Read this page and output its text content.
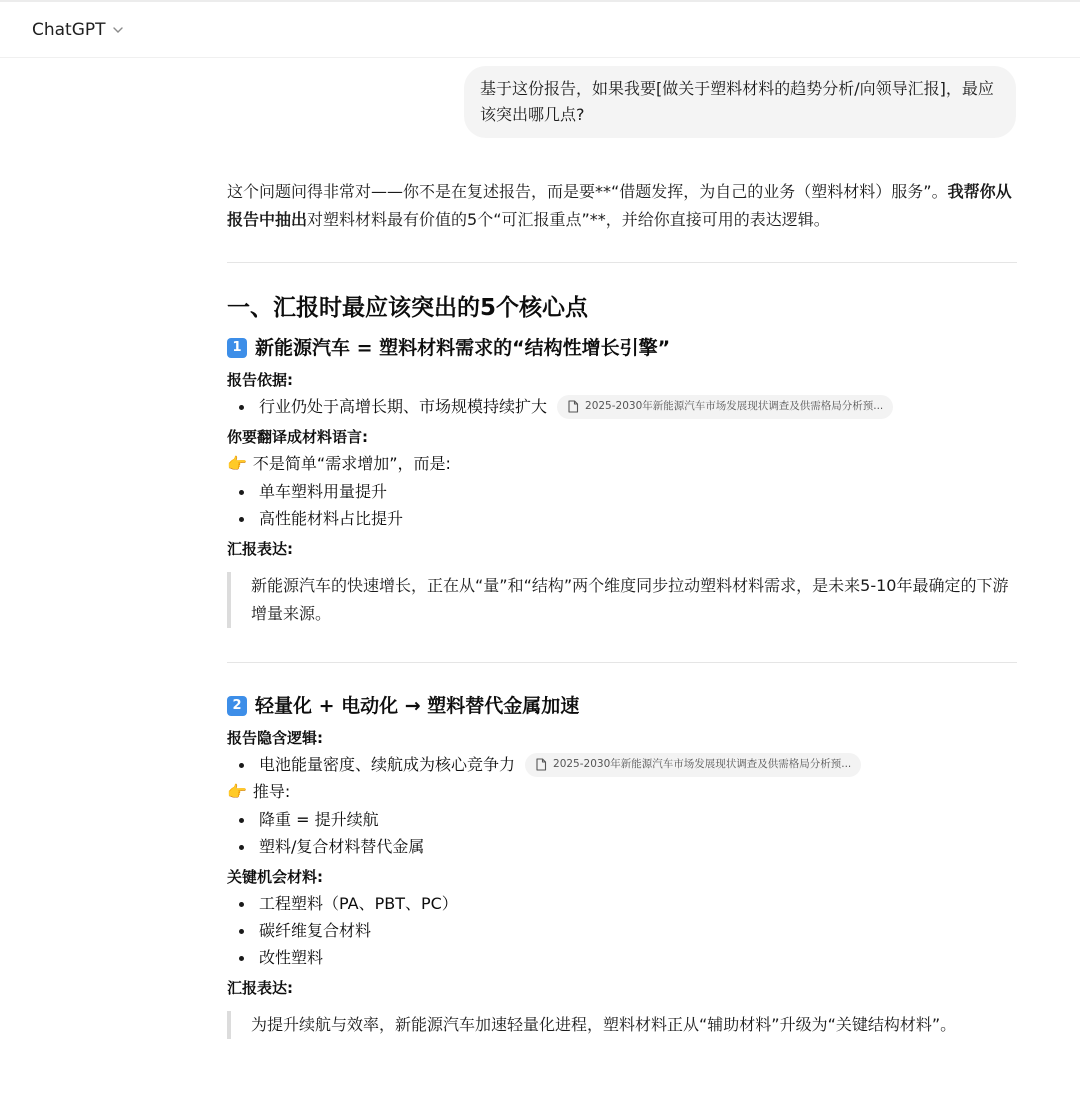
ChatGPT
基于这份报告，如果我要[做关于塑料材料的趋势分析/向领导汇报]，最应该突出哪几点?

这个问题问得非常对——你不是在复述报告，而是要**“借题发挥，为自己的业务（塑料材料）服务”。我帮你从报告中抽出对塑料材料最有价值的5个“可汇报重点”**，并给你直接可用的表达逻辑。

一、汇报时最应该突出的5个核心点
1 新能源汽车 = 塑料材料需求的“结构性增长引擎”
报告依据:
行业仍处于高增长期、市场规模持续扩大	2025-2030年新能源汽车市场发展现状调查及供需格局分析预...
你要翻译成材料语言:
👉 不是简单“需求增加”，而是:
单车塑料用量提升
高性能材料占比提升
汇报表达:
新能源汽车的快速增长，正在从“量”和“结构”两个维度同步拉动塑料材料需求，是未来5-10年最确定的下游增量来源。
2 轻量化 + 电动化 → 塑料替代金属加速
报告隐含逻辑:
电池能量密度、续航成为核心竞争力	2025-2030年新能源汽车市场发展现状调查及供需格局分析预...
👉 推导:
降重 = 提升续航
塑料/复合材料替代金属
关键机会材料:
工程塑料（PA、PBT、PC）
碳纤维复合材料
改性塑料
汇报表达:
为提升续航与效率，新能源汽车加速轻量化进程，塑料材料正从“辅助材料”升级为“关键结构材料”。
